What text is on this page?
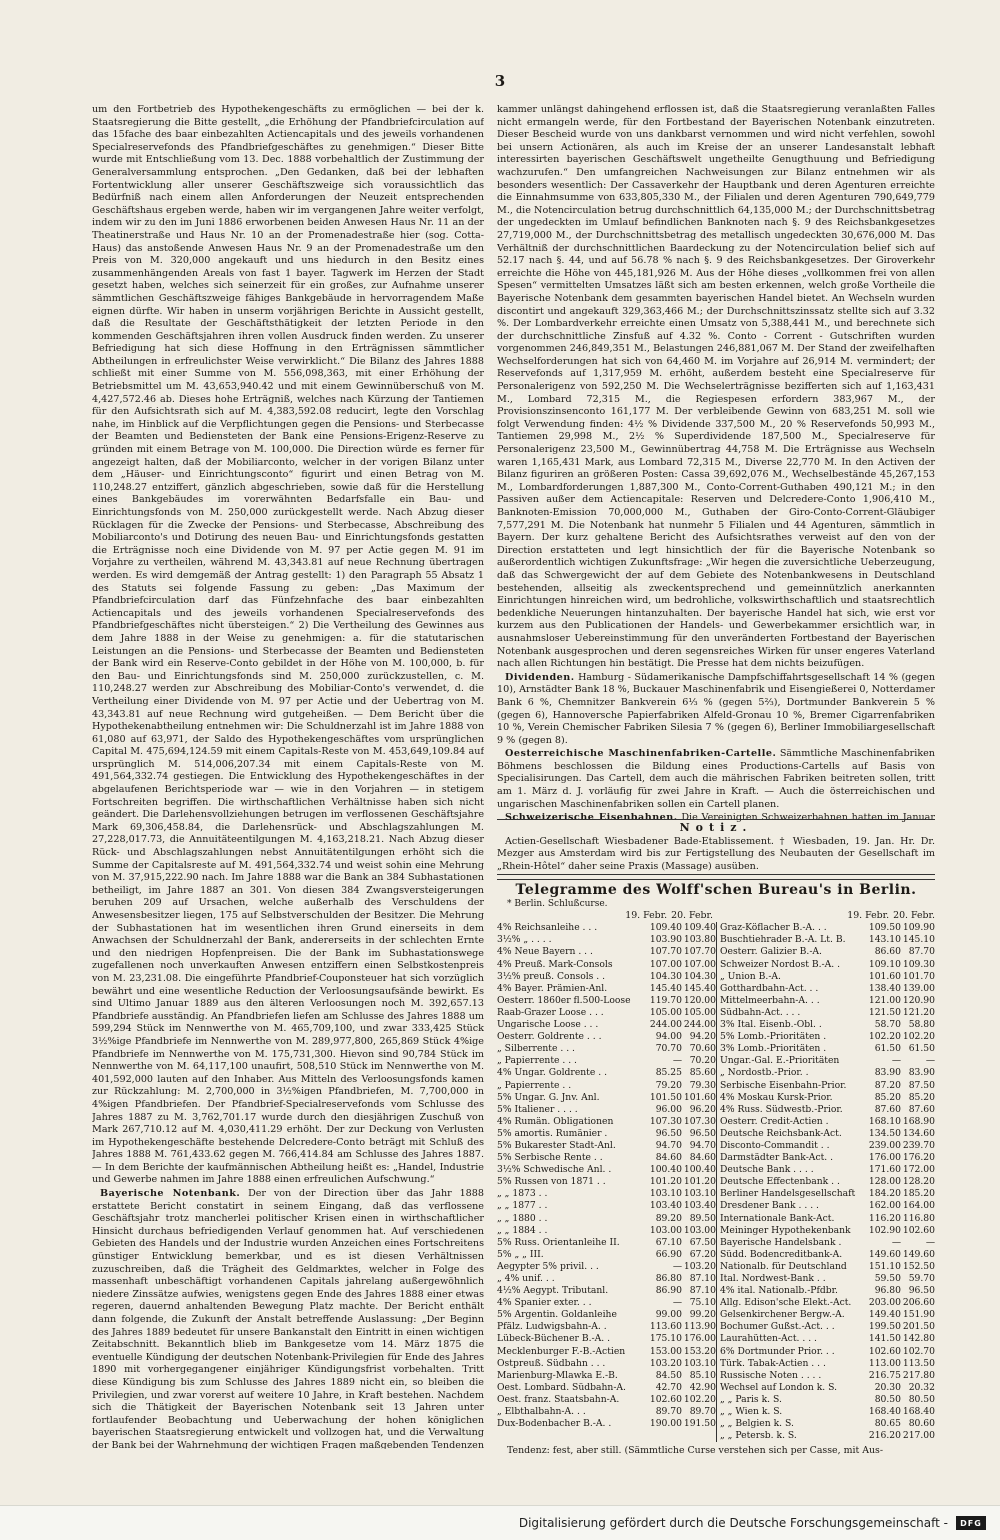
3

um den Fortbetrieb des Hypothekengeschäfts zu ermöglichen — bei der k. Staatsregierung die Bitte gestellt, „die Erhöhung der Pfandbriefcirculation auf das 15fache des baar einbezahlten Actiencapitals und des jeweils vorhandenen Specialreservefonds des Pfandbriefgeschäftes zu genehmigen.“ Dieser Bitte wurde mit Entschließung vom 13. Dec. 1888 vorbehaltlich der Zustimmung der Generalversammlung entsprochen. „Den Gedanken, daß bei der lebhaften Fortentwicklung aller unserer Geschäftszweige sich voraussichtlich das Bedürfniß nach einem allen Anforderungen der Neuzeit entsprechenden Geschäftshaus ergeben werde, haben wir im vergangenen Jahre weiter verfolgt, indem wir zu den im Juni 1886 erworbenen beiden Anwesen Haus Nr. 11 an der Theatinerstraße und Haus Nr. 10 an der Promenadestraße hier (sog. Cotta-Haus) das anstoßende Anwesen Haus Nr. 9 an der Promenadestraße um den Preis von M. 320,000 angekauft und uns hiedurch in den Besitz eines zusammenhängenden Areals von fast 1 bayer. Tagwerk im Herzen der Stadt gesetzt haben, welches sich seinerzeit für ein großes, zur Aufnahme unserer sämmtlichen Geschäftszweige fähiges Bankgebäude in hervorragendem Maße eignen dürfte. Wir haben in unserm vorjährigen Berichte in Aussicht gestellt, daß die Resultate der Geschäftsthätigkeit der letzten Periode in den kommenden Geschäftsjahren ihren vollen Ausdruck finden werden. Zu unserer Befriedigung hat sich diese Hoffnung in den Erträgnissen sämmtlicher Abtheilungen in erfreulichster Weise verwirklicht.“ Die Bilanz des Jahres 1888 schließt mit einer Summe von M. 556,098,363, mit einer Erhöhung der Betriebsmittel um M. 43,653,940.42 und mit einem Gewinnüberschuß von M. 4,427,572.46 ab. Dieses hohe Erträgniß, welches nach Kürzung der Tantiemen für den Aufsichtsrath sich auf M. 4,383,592.08 reducirt, legte den Vorschlag nahe, im Hinblick auf die Verpflichtungen gegen die Pensions- und Sterbecasse der Beamten und Bediensteten der Bank eine Pensions-Erigenz-Reserve zu gründen mit einem Betrage von M. 100,000. Die Direction würde es ferner für angezeigt halten, daß der Mobiliarconto, welcher in der vorigen Bilanz unter dem „Häuser- und Einrichtungsconto“ figurirt und einen Betrag von M. 110,248.27 entziffert, gänzlich abgeschrieben, sowie daß für die Herstellung eines Bankgebäudes im vorerwähnten Bedarfsfalle ein Bau- und Einrichtungsfonds von M. 250,000 zurückgestellt werde. Nach Abzug dieser Rücklagen für die Zwecke der Pensions- und Sterbecasse, Abschreibung des Mobiliarconto's und Dotirung des neuen Bau- und Einrichtungsfonds gestatten die Erträgnisse noch eine Dividende von M. 97 per Actie gegen M. 91 im Vorjahre zu vertheilen, während M. 43,343.81 auf neue Rechnung übertragen werden. Es wird demgemäß der Antrag gestellt: 1) den Paragraph 55 Absatz 1 des Statuts sei folgende Fassung zu geben: „Das Maximum der Pfandbriefcirculation darf das Fünfzehnfache des baar einbezahlten Actiencapitals und des jeweils vorhandenen Specialreservefonds des Pfandbriefgeschäftes nicht übersteigen.“ 2) Die Vertheilung des Gewinnes aus dem Jahre 1888 in der Weise zu genehmigen: a. für die statutarischen Leistungen an die Pensions- und Sterbecasse der Beamten und Bediensteten der Bank wird ein Reserve-Conto gebildet in der Höhe von M. 100,000, b. für den Bau- und Einrichtungsfonds sind M. 250,000 zurückzustellen, c. M. 110,248.27 werden zur Abschreibung des Mobiliar-Conto's verwendet, d. die Vertheilung einer Dividende von M. 97 per Actie und der Uebertrag von M. 43,343.81 auf neue Rechnung wird gutgeheißen. — Dem Bericht über die Hypothekenabtheilung entnehmen wir: Die Schuldnerzahl ist im Jahre 1888 von 61,080 auf 63,971, der Saldo des Hypothekengeschäftes vom ursprünglichen Capital M. 475,694,124.59 mit einem Capitals-Reste von M. 453,649,109.84 auf ursprünglich M. 514,006,207.34 mit einem Capitals-Reste von M. 491,564,332.74 gestiegen. Die Entwicklung des Hypothekengeschäftes in der abgelaufenen Berichtsperiode war — wie in den Vorjahren — in stetigem Fortschreiten begriffen. Die wirthschaftlichen Verhältnisse haben sich nicht geändert. Die Darlehensvollziehungen betrugen im verflossenen Geschäftsjahre Mark 69,306,458.84, die Darlehensrück- und Abschlagszahlungen M. 27,228,017.73, die Annuitäteentilgungen M. 4,163,218.21. Nach Abzug dieser Rück- und Abschlagszahlungen nebst Annuitätentilgungen erhöht sich die Summe der Capitalsreste auf M. 491,564,332.74 und weist sohin eine Mehrung von M. 37,915,222.90 nach. Im Jahre 1888 war die Bank an 384 Subhastationen betheiligt, im Jahre 1887 an 301. Von diesen 384 Zwangsversteigerungen beruhen 209 auf Ursachen, welche außerhalb des Verschuldens der Anwesensbesitzer liegen, 175 auf Selbstverschulden der Besitzer. Die Mehrung der Subhastationen hat im wesentlichen ihren Grund einerseits in dem Anwachsen der Schuldnerzahl der Bank, andererseits in der schlechten Ernte und den niedrigen Hopfenpreisen. Die der Bank im Subhastationswege zugefallenen noch unverkauften Anwesen entziffern einen Selbstkostenpreis von M. 23,231.08. Die eingeführte Pfandbrief-Couponsteuer hat sich vorzüglich bewährt und eine wesentliche Reduction der Verloosungsaufsände bewirkt. Es sind Ultimo Januar 1889 aus den älteren Verloosungen noch M. 392,657.13 Pfandbriefe ausständig. An Pfandbriefen liefen am Schlusse des Jahres 1888 um 599,294 Stück im Nennwerthe von M. 465,709,100, und zwar 333,425 Stück 3½%ige Pfandbriefe im Nennwerthe von M. 289,977,800, 265,869 Stück 4%ige Pfandbriefe im Nennwerthe von M. 175,731,300. Hievon sind 90,784 Stück im Nennwerthe von M. 64,117,100 unaufirt, 508,510 Stück im Nennwerthe von M. 401,592,000 lauten auf den Inhaber. Aus Mitteln des Verloosungsfonds kamen zur Rückzahlung: M. 2,700,000 in 3½%igen Pfandbriefen, M. 7,700,000 in 4%igen Pfandbriefen. Der Pfandbrief-Specialreservefonds vom Schlusse des Jahres 1887 zu M. 3,762,701.17 wurde durch den diesjährigen Zuschuß von Mark 267,710.12 auf M. 4,030,411.29 erhöht. Der zur Deckung von Verlusten im Hypothekengeschäfte bestehende Delcredere-Conto beträgt mit Schluß des Jahres 1888 M. 761,433.62 gegen M. 766,414.84 am Schlusse des Jahres 1887. — In dem Berichte der kaufmännischen Abtheilung heißt es: „Handel, Industrie und Gewerbe nahmen im Jahre 1888 einen erfreulichen Aufschwung.“

Bayerische Notenbank. Der von der Direction über das Jahr 1888 erstattete Bericht constatirt in seinem Eingang, daß das verflossene Geschäftsjahr trotz mancherlei politischer Krisen einen in wirthschaftlicher Hinsicht durchaus befriedigenden Verlauf genommen hat. Auf verschiedenen Gebieten des Handels und der Industrie wurden Anzeichen eines Fortschreitens günstiger Entwicklung bemerkbar, und es ist diesen Verhältnissen zuzuschreiben, daß die Trägheit des Geldmarktes, welcher in Folge des massenhaft unbeschäftigt vorhandenen Capitals jahrelang außergewöhnlich niedere Zinssätze aufwies, wenigstens gegen Ende des Jahres 1888 einer etwas regeren, dauernd anhaltenden Bewegung Platz machte. Der Bericht enthält dann folgende, die Zukunft der Anstalt betreffende Auslassung: „Der Beginn des Jahres 1889 bedeutet für unsere Bankanstalt den Eintritt in einen wichtigen Zeitabschnitt. Bekanntlich blieb im Bankgesetze vom 14. März 1875 die eventuelle Kündigung der deutschen Notenbank-Privilegien für Ende des Jahres 1890 mit vorhergegangener einjähriger Kündigungsfrist vorbehalten. Tritt diese Kündigung bis zum Schlusse des Jahres 1889 nicht ein, so bleiben die Privilegien, und zwar vorerst auf weitere 10 Jahre, in Kraft bestehen. Nachdem sich die Thätigkeit der Bayerischen Notenbank seit 13 Jahren unter fortlaufender Beobachtung und Ueberwachung der hohen königlichen bayerischen Staatsregierung entwickelt und vollzogen hat, und die Verwaltung der Bank bei der Wahrnehmung der wichtigen Fragen maßgebenden Tendenzen

kammer unlängst dahingehend erflossen ist, daß die Staatsregierung veranlaßten Falles nicht ermangeln werde, für den Fortbestand der Bayerischen Notenbank einzutreten. Dieser Bescheid wurde von uns dankbarst vernommen und wird nicht verfehlen, sowohl bei unsern Actionären, als auch im Kreise der an unserer Landesanstalt lebhaft interessirten bayerischen Geschäftswelt ungetheilte Genugthuung und Befriedigung wachzurufen.“ Den umfangreichen Nachweisungen zur Bilanz entnehmen wir als besonders wesentlich: Der Cassaverkehr der Hauptbank und deren Agenturen erreichte die Einnahmsumme von 633,805,330 M., der Filialen und deren Agenturen 790,649,779 M., die Notencirculation betrug durchschnittlich 64,135,000 M.; der Durchschnittsbetrag der ungedeckten im Umlauf befindlichen Banknoten nach §. 9 des Reichsbankgesetzes 27,719,000 M., der Durchschnittsbetrag des metallisch ungedeckten 30,676,000 M. Das Verhältniß der durchschnittlichen Baardeckung zu der Notencirculation belief sich auf 52.17 nach §. 44, und auf 56.78 % nach §. 9 des Reichsbankgesetzes. Der Giroverkehr erreichte die Höhe von 445,181,926 M. Aus der Höhe dieses „vollkommen frei von allen Spesen“ vermittelten Umsatzes läßt sich am besten erkennen, welch große Vortheile die Bayerische Notenbank dem gesammten bayerischen Handel bietet. An Wechseln wurden discontirt und angekauft 329,363,466 M.; der Durchschnittszinssatz stellte sich auf 3.32 %. Der Lombardverkehr erreichte einen Umsatz von 5,388,441 M., und berechnete sich der durchschnittliche Zinsfuß auf 4.32 %. Conto - Corrent - Gutschriften wurden vorgenommen 246,849,351 M., Belastungen 246,881,067 M. Der Stand der zweifelhaften Wechselforderungen hat sich von 64,460 M. im Vorjahre auf 26,914 M. vermindert; der Reservefonds auf 1,317,959 M. erhöht, außerdem besteht eine Specialreserve für Personalerigenz von 592,250 M. Die Wechselerträgnisse bezifferten sich auf 1,163,431 M., Lombard 72,315 M., die Regiespesen erfordern 383,967 M., der Provisionszinsenconto 161,177 M. Der verbleibende Gewinn von 683,251 M. soll wie folgt Verwendung finden: 4½ % Dividende 337,500 M., 20 % Reservefonds 50,993 M., Tantiemen 29,998 M., 2½ % Superdividende 187,500 M., Specialreserve für Personalerigenz 23,500 M., Gewinnübertrag 44,758 M. Die Erträgnisse aus Wechseln waren 1,165,431 Mark, aus Lombard 72,315 M., Diverse 22,770 M. In den Activen der Bilanz figuriren an größeren Posten: Cassa 39,692,076 M., Wechselbestände 45,267,153 M., Lombardforderungen 1,887,300 M., Conto-Corrent-Guthaben 490,121 M.; in den Passiven außer dem Actiencapitale: Reserven und Delcredere-Conto 1,906,410 M., Banknoten-Emission 70,000,000 M., Guthaben der Giro-Conto-Corrent-Gläubiger 7,577,291 M. Die Notenbank hat nunmehr 5 Filialen und 44 Agenturen, sämmtlich in Bayern. Der kurz gehaltene Bericht des Aufsichtsrathes verweist auf den von der Direction erstatteten und legt hinsichtlich der für die Bayerische Notenbank so außerordentlich wichtigen Zukunftsfrage: „Wir hegen die zuversichtliche Ueberzeugung, daß das Schwergewicht der auf dem Gebiete des Notenbankwesens in Deutschland bestehenden, allseitig als zweckentsprechend und gemeinnützlich anerkannten Einrichtungen hinreichen wird, um bedrohliche, volkswirthschaftlich und staatsrechtlich bedenkliche Neuerungen hintanzuhalten. Der bayerische Handel hat sich, wie erst vor kurzem aus den Publicationen der Handels- und Gewerbekammer ersichtlich war, in ausnahmsloser Uebereinstimmung für den unveränderten Fortbestand der Bayerischen Notenbank ausgesprochen und deren segensreiches Wirken für unser engeres Vaterland nach allen Richtungen hin bestätigt. Die Presse hat dem nichts beizufügen.

Dividenden. Hamburg - Südamerikanische Dampfschiffahrtsgesellschaft 14 % (gegen 10), Arnstädter Bank 18 %, Buckauer Maschinenfabrik und Eisengießerei 0, Notterdamer Bank 6 %, Chemnitzer Bankverein 6⅓ % (gegen 5⅔), Dortmunder Bankverein 5 % (gegen 6), Hannoversche Papierfabriken Alfeld-Gronau 10 %, Bremer Cigarrenfabriken 10 %, Verein Chemischer Fabriken Silesia 7 % (gegen 6), Berliner Immobiliargesellschaft 9 % (gegen 8).

Oesterreichische Maschinenfabriken-Cartelle. Sämmtliche Maschinenfabriken Böhmens beschlossen die Bildung eines Productions-Cartells auf Basis von Specialisirungen. Das Cartell, dem auch die mährischen Fabriken beitreten sollen, tritt am 1. März d. J. vorläufig für zwei Jahre in Kraft. — Auch die österreichischen und ungarischen Maschinenfabriken sollen ein Cartell planen.

Schweizerische Eisenbahnen. Die Vereinigten Schweizerbahnen hatten im Januar

Notiz.

Actien-Gesellschaft Wiesbadener Bade-Etablissement. † Wiesbaden, 19. Jan. Hr. Dr. Mezger aus Amsterdam wird bis zur Fertigstellung des Neubauten der Gesellschaft im „Rhein-Hôtel“ daher seine Praxis (Massage) ausüben.

Telegramme des Wolff'schen Bureau's in Berlin.
* Berlin. Schlußcurse.
19. Febr. 20. Febr.	19. Febr. 20. Febr.
4% Reichsanleihe . . .	109.40 109.40
3½% „ . . . .	103.90 103.80
4% Neue Bayern . . .	107.70 107.70
4% Preuß. Mark-Consols	107.00 107.00
3½% preuß. Consols . .	104.30 104.30
4% Bayer. Prämien-Anl.	145.40 145.40
Oesterr. 1860er fl.500-Loose	119.70 120.00
Raab-Grazer Loose . . .	105.00 105.00
Ungarische Loose . . .	244.00 244.00
Oesterr. Goldrente . . .	94.00 94.20
„ Silberrente . . .	70.70 70.60
„ Papierrente . . .	— 70.20
4% Ungar. Goldrente . .	85.25 85.60
„ Papierrente . .	79.20 79.30
5% Ungar. G. Jnv. Anl.	101.50 101.60
5% Italiener . . . .	96.00 96.20
4% Rumän. Obligationen	107.30 107.30
5% amortis. Rumänier .	96.50 96.50
5% Bukarester Stadt-Anl.	94.70 94.70
5% Serbische Rente . .	84.60 84.60
3½% Schwedische Anl. .	100.40 100.40
5% Russen von 1871 . .	101.20 101.20
„ „ 1873 . .	103.10 103.10
„ „ 1877 . .	103.40 103.40
„ „ 1880 . .	89.20 89.50
„ „ 1884 . .	103.00 103.00
5% Russ. Orientanleihe II.	67.10 67.50
5% „ „ III.	66.90 67.20
Aegypter 5% privil. . .	— 103.20
„ 4% unif. . .	86.80 87.10
4½% Aegypt. Tributanl.	86.90 87.10
4% Spanier exter. . .	— 75.10
5% Argentin. Goldanleihe	99.00 99.20
Pfälz. Ludwigsbahn-A. .	113.60 113.90
Lübeck-Büchener B.-A. .	175.10 176.00
Mecklenburger F.-B.-Actien	153.00 153.20
Ostpreuß. Südbahn . . .	103.20 103.10
Marienburg-Mlawka E.-B.	84.50 85.10
Oest. Lombard. Südbahn-A.	42.70 42.90
Oest. franz. Staatsbahn-A.	102.60 102.20
„ Elbthalbahn-A. . .	89.70 89.70
Dux-Bodenbacher B.-A. .	190.00 191.50
Graz-Köflacher B.-A. . .	109.50 109.90
Buschtiehrader B.-A. Lt. B.	143.10 145.10
Oesterr. Galizier B.-A.	86.60 87.70
Schweizer Nordost B.-A. .	109.10 109.30
„ Union B.-A.	101.60 101.70
Gotthardbahn-Act. . .	138.40 139.00
Mittelmeerbahn-A. . .	121.00 120.90
Südbahn-Act. . . .	121.50 121.20
3% Ital. Eisenb.-Obl. .	58.70 58.80
5% Lomb.-Prioritäten .	102.20 102.20
3% Lomb.-Prioritäten .	61.50 61.50
Ungar.-Gal. E.-Prioritäten	—	—
„ Nordostb.-Prior. .	83.90 83.90
Serbische Eisenbahn-Prior.	87.20 87.50
4% Moskau Kursk-Prior.	85.20 85.20
4% Russ. Südwestb.-Prior.	87.60 87.60
Oesterr. Credit-Actien .	168.10 168.90
Deutsche Reichsbank-Act.	134.50 134.60
Disconto-Commandit . .	239.00 239.70
Darmstädter Bank-Act. .	176.00 176.20
Deutsche Bank . . . .	171.60 172.00
Deutsche Effectenbank . .	128.00 128.20
Berliner Handelsgesellschaft	184.20 185.20
Dresdener Bank . . . .	162.00 164.00
Internationale Bank-Act.	116.20 116.80
Meininger Hypothekenbank	102.90 102.60
Bayerische Handelsbank .	—	—
Südd. Bodencreditbank-A.	149.60 149.60
Nationalb. für Deutschland	151.10 152.50
Ital. Nordwest-Bank . .	59.50 59.70
4% ital. Nationalb.-Pfdbr.	96.80 96.50
Allg. Edison'sche Elekt.-Act.	203.00 206.60
Gelsenkirchener Bergw.-A.	149.40 151.90
Bochumer Gußst.-Act. . .	199.50 201.50
Laurahütten-Act. . . .	141.50 142.80
6% Dortmunder Prior. . .	102.60 102.70
Türk. Tabak-Actien . . .	113.00 113.50
Russische Noten . . . .	216.75 217.80
Wechsel auf London k. S.	20.30 20.32
„ „ Paris k. S.	80.50 80.50
„ „ Wien k. S.	168.40 168.40
„ „ Belgien k. S.	80.65 80.60
„ „ Petersb. k. S.	216.20 217.00
Tendenz: fest, aber still. (Sämmtliche Curse verstehen sich per Casse, mit Aus-
Digitalisierung gefördert durch die Deutsche Forschungsgemeinschaft -	DFG
